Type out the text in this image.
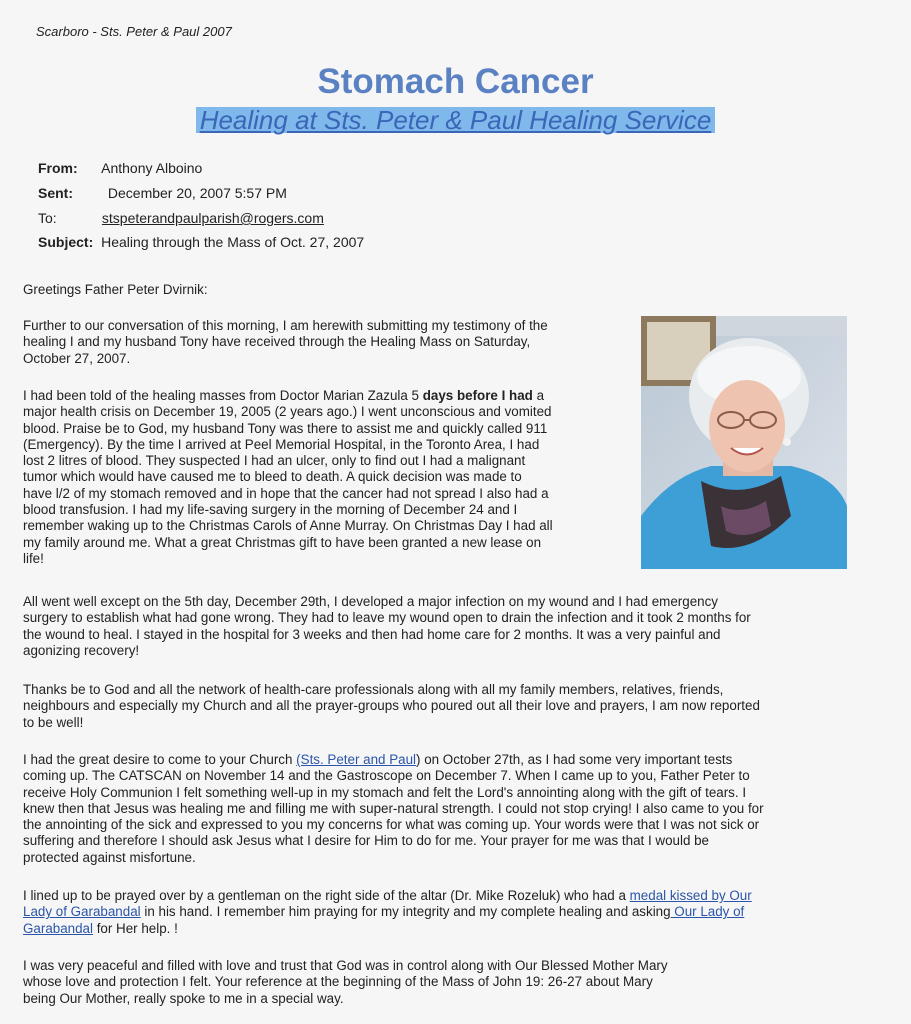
Scarboro - Sts. Peter & Paul 2007
Stomach Cancer
Healing at Sts. Peter & Paul Healing Service
From: Anthony Alboino
Sent: December 20, 2007 5:57 PM
To:	stspeterandpaulparish@rogers.com
Subject: Healing through the Mass of Oct. 27, 2007
Greetings Father Peter Dvirnik:
Further to our conversation of this morning, I am herewith submitting my testimony of the
healing I and my husband Tony have received through the Healing Mass on Saturday,
October 27, 2007.
I had been told of the healing masses from Doctor Marian Zazula 5 days before I had a
major health crisis on December 19, 2005 (2 years ago.) I went unconscious and vomited
blood. Praise be to God, my husband Tony was there to assist me and quickly called 911
(Emergency). By the time I arrived at Peel Memorial Hospital, in the Toronto Area, I had
lost 2 litres of blood. They suspected I had an ulcer, only to find out I had a malignant
tumor which would have caused me to bleed to death. A quick decision was made to
have l/2 of my stomach removed and in hope that the cancer had not spread I also had a
blood transfusion. I had my life-saving surgery in the morning of December 24 and I
remember waking up to the Christmas Carols of Anne Murray. On Christmas Day I had all
my family around me. What a great Christmas gift to have been granted a new lease on
life!
All went well except on the 5th day, December 29th, I developed a major infection on my wound and I had emergency
surgery to establish what had gone wrong. They had to leave my wound open to drain the infection and it took 2 months for
the wound to heal. I stayed in the hospital for 3 weeks and then had home care for 2 months. It was a very painful and
agonizing recovery!
Thanks be to God and all the network of health-care professionals along with all my family members, relatives, friends,
neighbours and especially my Church and all the prayer-groups who poured out all their love and prayers, I am now reported
to be well!
I had the great desire to come to your Church (Sts. Peter and Paul) on October 27th, as I had some very important tests
coming up. The CATSCAN on November 14 and the Gastroscope on December 7. When I came up to you, Father Peter to
receive Holy Communion I felt something well-up in my stomach and felt the Lord's annointing along with the gift of tears. I
knew then that Jesus was healing me and filling me with super-natural strength. I could not stop crying! I also came to you for
the annointing of the sick and expressed to you my concerns for what was coming up. Your words were that I was not sick or
suffering and therefore I should ask Jesus what I desire for Him to do for me. Your prayer for me was that I would be
protected against misfortune.
I lined up to be prayed over by a gentleman on the right side of the altar (Dr. Mike Rozeluk) who had a medal kissed by Our
Lady of Garabandal in his hand. I remember him praying for my integrity and my complete healing and asking Our Lady of
Garabandal for Her help. !
I was very peaceful and filled with love and trust that God was in control along with Our Blessed Mother Mary
whose love and protection I felt. Your reference at the beginning of the Mass of John 19: 26-27 about Mary
being Our Mother, really spoke to me in a special way.
